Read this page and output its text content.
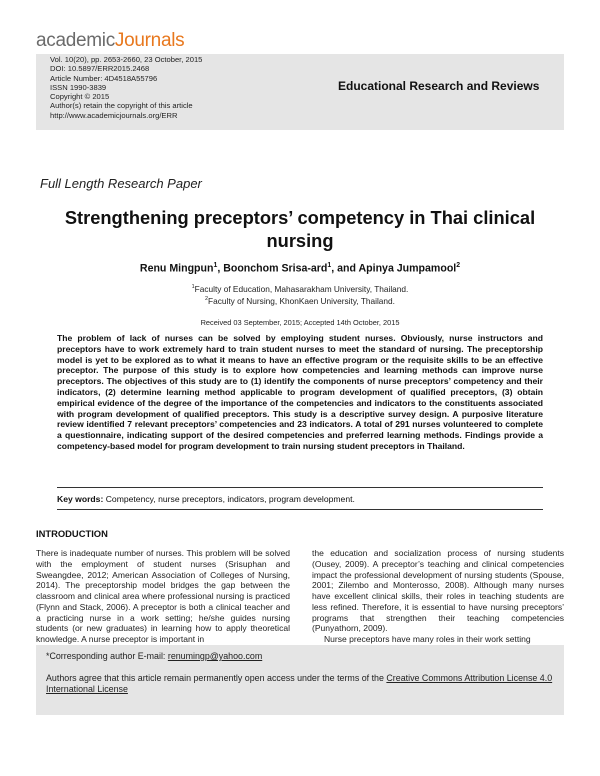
academicJournals
Vol. 10(20), pp. 2653-2660, 23 October, 2015
DOI: 10.5897/ERR2015.2468
Article Number: 4D4518A55796
ISSN 1990-3839
Copyright © 2015
Author(s) retain the copyright of this article
http://www.academicjournals.org/ERR
Educational Research and Reviews
Full Length Research Paper
Strengthening preceptors’ competency in Thai clinical
nursing
Renu Mingpun$^1$, Boonchom Srisa-ard$^1$, and Apinya Jumpamool$^2$
$^1$Faculty of Education, Mahasarakham University, Thailand.
$^2$Faculty of Nursing, KhonKaen University, Thailand.
Received 03 September, 2015; Accepted 14th October, 2015
The problem of lack of nurses can be solved by employing student nurses. Obviously, nurse instructors and preceptors have to work extremely hard to train student nurses to meet the standard of nursing. The preceptorship model is yet to be explored as to what it means to have an effective program or the requisite skills to be an effective preceptor. The purpose of this study is to explore how competencies and learning methods can improve nurse preceptors. The objectives of this study are to (1) identify the components of nurse preceptors’ competency and their indicators, (2) determine learning method applicable to program development of qualified preceptors, (3) obtain empirical evidence of the degree of the importance of the competencies and indicators to the constituents associated with program development of qualified preceptors. This study is a descriptive survey design. A purposive literature review identified 7 relevant preceptors’ competencies and 23 indicators. A total of 291 nurses volunteered to complete a questionnaire, indicating support of the desired competencies and preferred learning methods. Findings provide a competency-based model for program development to train nursing student preceptors in Thailand.
Key words: Competency, nurse preceptors, indicators, program development.
INTRODUCTION
There is inadequate number of nurses. This problem will be solved with the employment of student nurses (Srisuphan and Sweangdee, 2012; American Association of Colleges of Nursing, 2014). The preceptorship model bridges the gap between the classroom and clinical area where professional nursing is practiced (Flynn and Stack, 2006). A preceptor is both a clinical teacher and a practicing nurse in a work setting; he/she guides nursing students (or new graduates) in learning how to apply theoretical knowledge. A nurse preceptor is important in
the education and socialization process of nursing students (Ousey, 2009). A preceptor’s teaching and clinical competencies impact the professional development of nursing students (Spouse, 2001; Zilembo and Monterosso, 2008). Although many nurses have excellent clinical skills, their roles in teaching students are less refined. Therefore, it is essential to have nursing preceptors’ programs that strengthen their teaching competencies (Punyathorn, 2009).
Nurse preceptors have many roles in their work setting
*Corresponding author E-mail: renumingp@yahoo.com
Authors agree that this article remain permanently open access under the terms of the Creative Commons Attribution License 4.0 International License
